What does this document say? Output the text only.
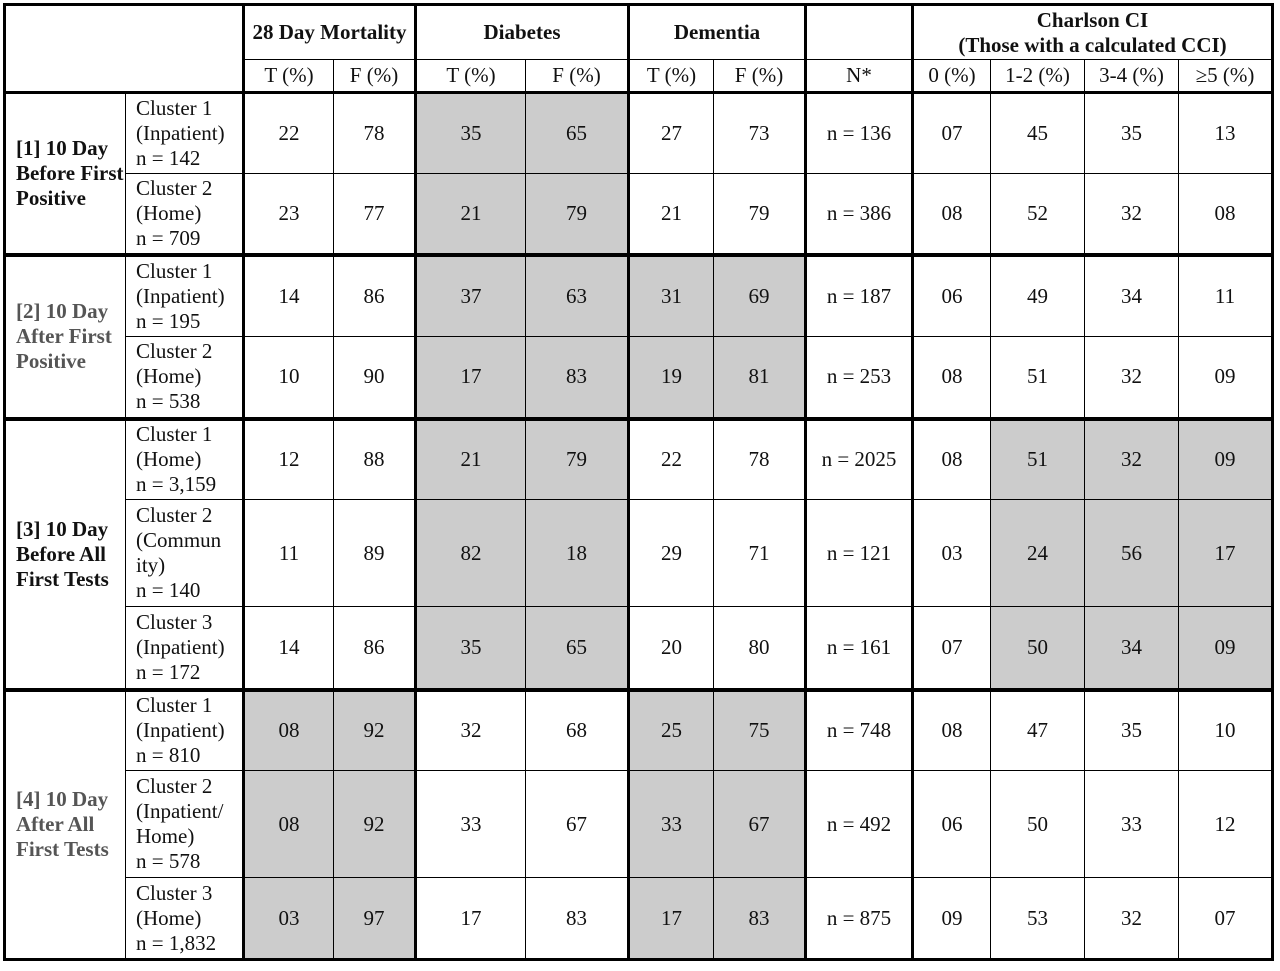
		28 Day Mortality		Diabetes		Dementia			Charlson CI
(Those with a calculated CCI)			

		T (%)	F (%)	T (%)	F (%)	T (%)	F (%)	N*	0 (%)	1-2 (%)	3-4 (%)	≥5 (%)
[1] 10 Day Before First Positive	Cluster 1
(Inpatient)
n = 142	22	78	35	65	27	73	n = 136	07	45	35	13

	Cluster 2
(Home)
n = 709	23	77	21	79	21	79	n = 386	08	52	32	08
[2] 10 Day After First Positive	Cluster 1
(Inpatient)
n = 195	14	86	37	63	31	69	n = 187	06	49	34	11

	Cluster 2
(Home)
n = 538	10	90	17	83	19	81	n = 253	08	51	32	09
[3] 10 Day Before All First Tests	Cluster 1
(Home)
n = 3,159	12	88	21	79	22	78	n = 2025	08	51	32	09

	Cluster 2
(Commun
ity)
n = 140	11	89	82	18	29	71	n = 121	03	24	56	17

	Cluster 3
(Inpatient)
n = 172	14	86	35	65	20	80	n = 161	07	50	34	09
[4] 10 Day After All First Tests	Cluster 1
(Inpatient)
n = 810	08	92	32	68	25	75	n = 748	08	47	35	10

	Cluster 2
(Inpatient/
Home)
n = 578	08	92	33	67	33	67	n = 492	06	50	33	12

	Cluster 3
(Home)
n = 1,832	03	97	17	83	17	83	n = 875	09	53	32	07
